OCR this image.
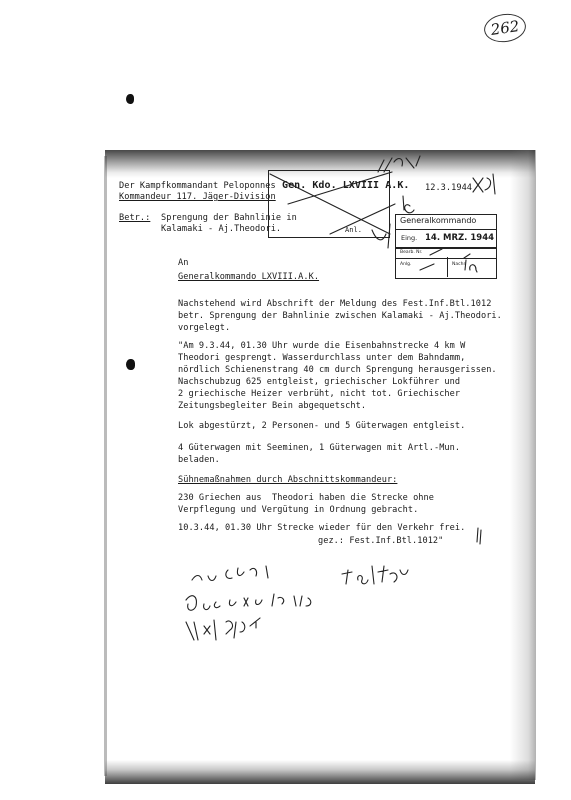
262
Der Kampfkommandant Peloponnes
Kommandeur 117. Jäger-Division
12.3.1944
Betr.: Sprengung der Bahnlinie in
Kalamaki - Aj.Theodori.
Gen. Kdo. LXVIII A.K.
Anl.
Generalkommando
Eing. 14. MRZ. 1944
Bearb. Nr.
Anlg.	Nachr.
An
Generalkommando LXVIII.A.K.
Nachstehend wird Abschrift der Meldung des Fest.Inf.Btl.1012
betr. Sprengung der Bahnlinie zwischen Kalamaki - Aj.Theodori.
vorgelegt.
"Am 9.3.44, 01.30 Uhr wurde die Eisenbahnstrecke 4 km W
Theodori gesprengt. Wasserdurchlass unter dem Bahndamm,
nördlich Schienenstrang 40 cm durch Sprengung herausgerissen.
Nachschubzug 625 entgleist, griechischer Lokführer und
2 griechische Heizer verbrüht, nicht tot. Griechischer
Zeitungsbegleiter Bein abgequetscht.
Lok abgestürzt, 2 Personen- und 5 Güterwagen entgleist.
4 Güterwagen mit Seeminen, 1 Güterwagen mit Artl.-Mun.
beladen.
Sühnemaßnahmen durch Abschnittskommandeur:
230 Griechen aus  Theodori haben die Strecke ohne
Verpflegung und Vergütung in Ordnung gebracht.
10.3.44, 01.30 Uhr Strecke wieder für den Verkehr frei.
gez.: Fest.Inf.Btl.1012"
